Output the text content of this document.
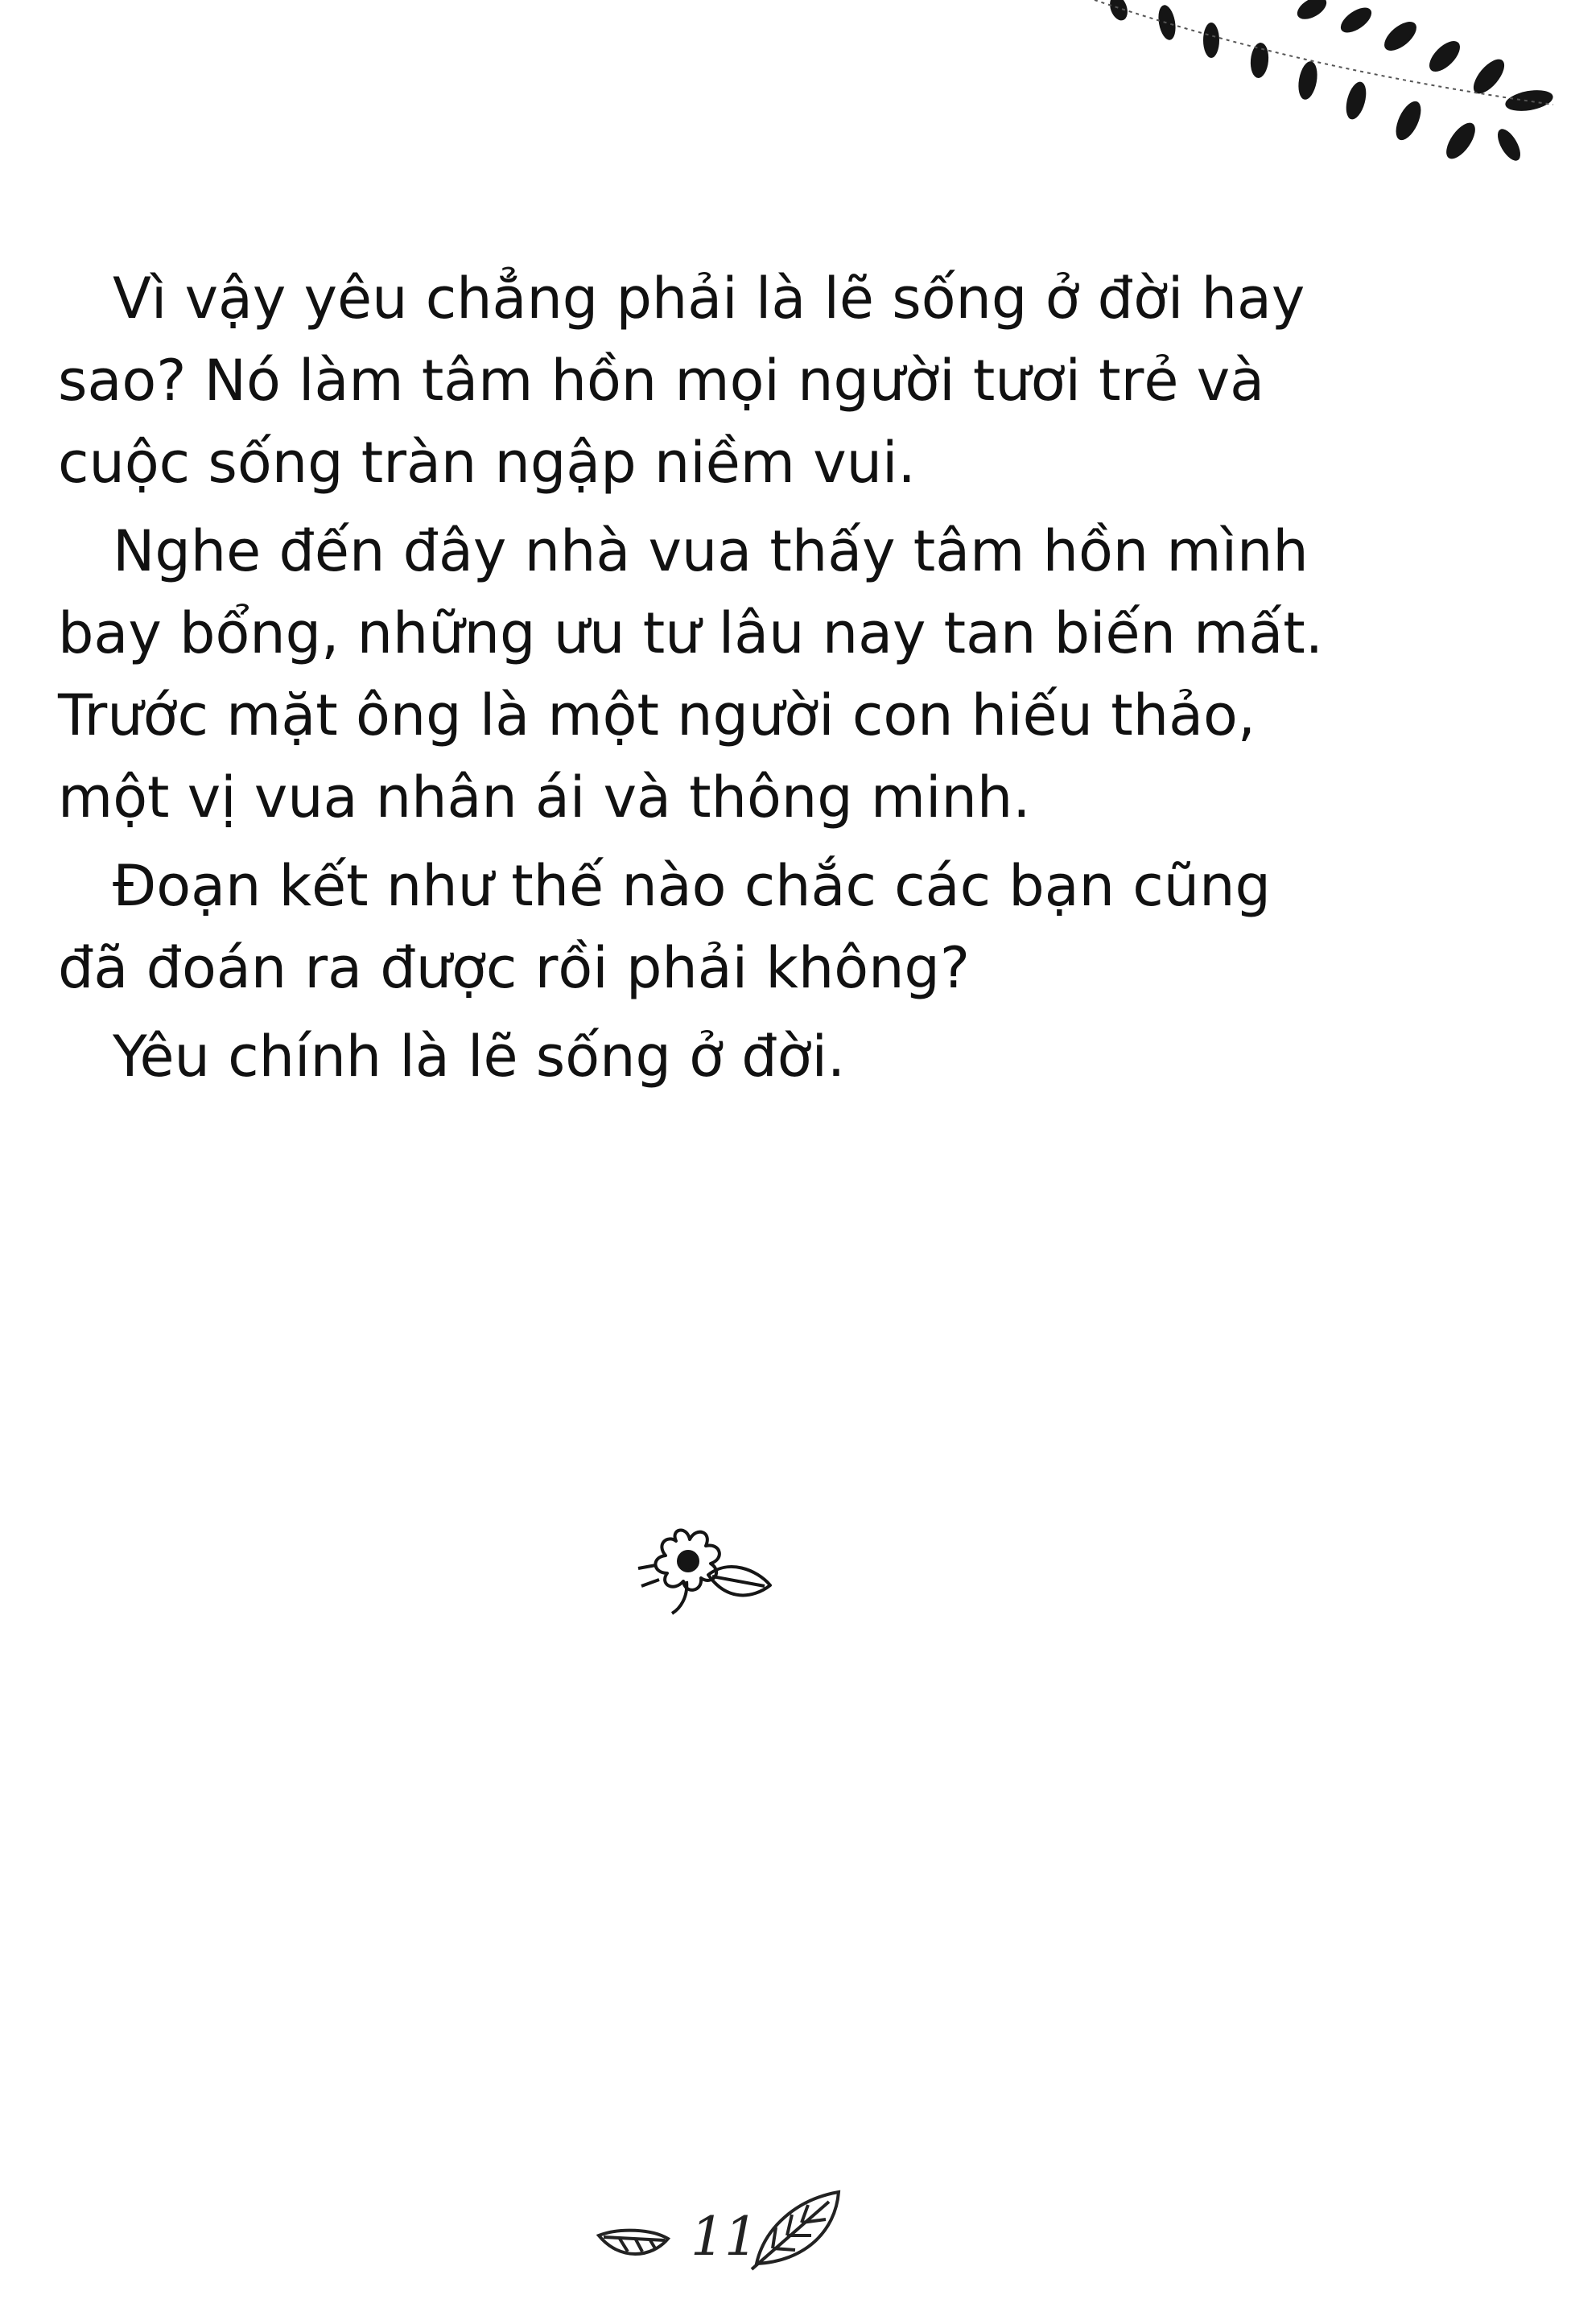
Vì vậy yêu chẳng phải là lẽ sống ở đời hay sao? Nó làm tâm hồn mọi người tươi trẻ và cuộc sống tràn ngập niềm vui.

Nghe đến đây nhà vua thấy tâm hồn mình bay bổng, những ưu tư lâu nay tan biến mất. Trước mặt ông là một người con hiếu thảo, một vị vua nhân ái và thông minh.

Đoạn kết như thế nào chắc các bạn cũng đã đoán ra được rồi phải không?

Yêu chính là lẽ sống ở đời.

11
